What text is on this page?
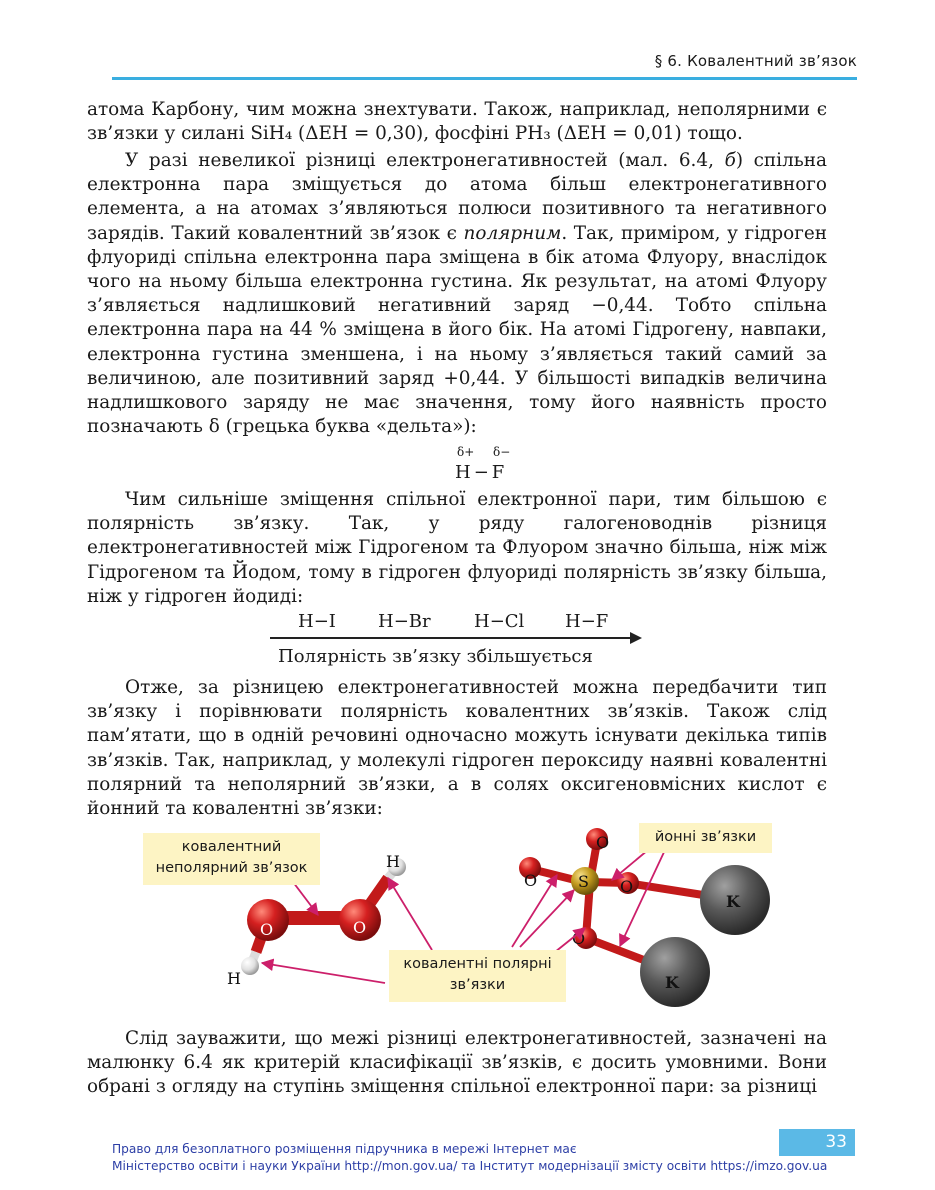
§ 6. Ковалентний зв’язок

атома Карбону, чим можна знехтувати. Також, наприклад, неполярними є зв’язки у силані SiH₄ (ΔЕН = 0,30), фосфіні PH₃ (ΔЕН = 0,01) тощо.

У разі невеликої різниці електронегативностей (мал. 6.4, б) спільна електронна пара зміщується до атома більш електронегативного елемента, а на атомах з’являються полюси позитивного та негативного зарядів. Такий ковалентний зв’язок є полярним. Так, приміром, у гідроген флуориді спільна електронна пара зміщена в бік атома Флуору, внаслідок чого на ньому більша електронна густина. Як результат, на атомі Флуору з’являється надлишковий негативний заряд −0,44. Тобто спільна електронна пара на 44 % зміщена в його бік. На атомі Гідрогену, навпаки, електронна густина зменшена, і на ньому з’являється такий самий за величиною, але позитивний заряд +0,44. У більшості випадків величина надлишкового заряду не має значення, тому його наявність просто позначають δ (грецька буква «дельта»):

δ+ δ−
H − F

Чим сильніше зміщення спільної електронної пари, тим більшою є полярність зв’язку. Так, у ряду галогеноводнів різниця електронегативностей між Гідрогеном та Флуором значно більша, ніж між Гідрогеном та Йодом, тому в гідроген флуориді полярність зв’язку більша, ніж у гідроген йодиді:

H−I H−Br H−Cl H−F
Полярність зв’язку збільшується

Отже, за різницею електронегативностей можна передбачити тип зв’язку і порівнювати полярність ковалентних зв’язків. Також слід пам’ятати, що в одній речовині одночасно можуть існувати декілька типів зв’язків. Так, наприклад, у молекулі гідроген пероксиду наявні ковалентні полярний та неполярний зв’язки, а в солях оксигеновмісних кислот є йонний та ковалентні зв’язки:

O	O
H
H
O
O	O
O
S
K
K
ковалентний неполярний зв’язок
ковалентні полярні зв’язки
йонні зв’язки

Слід зауважити, що межі різниці електронегативностей, зазначені на малюнку 6.4 як критерій класифікації зв’язків, є досить умовними. Вони обрані з огляду на ступінь зміщення спільної електронної пари: за різниці

Право для безоплатного розміщення підручника в мережі Інтернет має
Міністерство освіти і науки України http://mon.gov.ua/ та Інститут модернізації змісту освіти https://imzo.gov.ua
33
